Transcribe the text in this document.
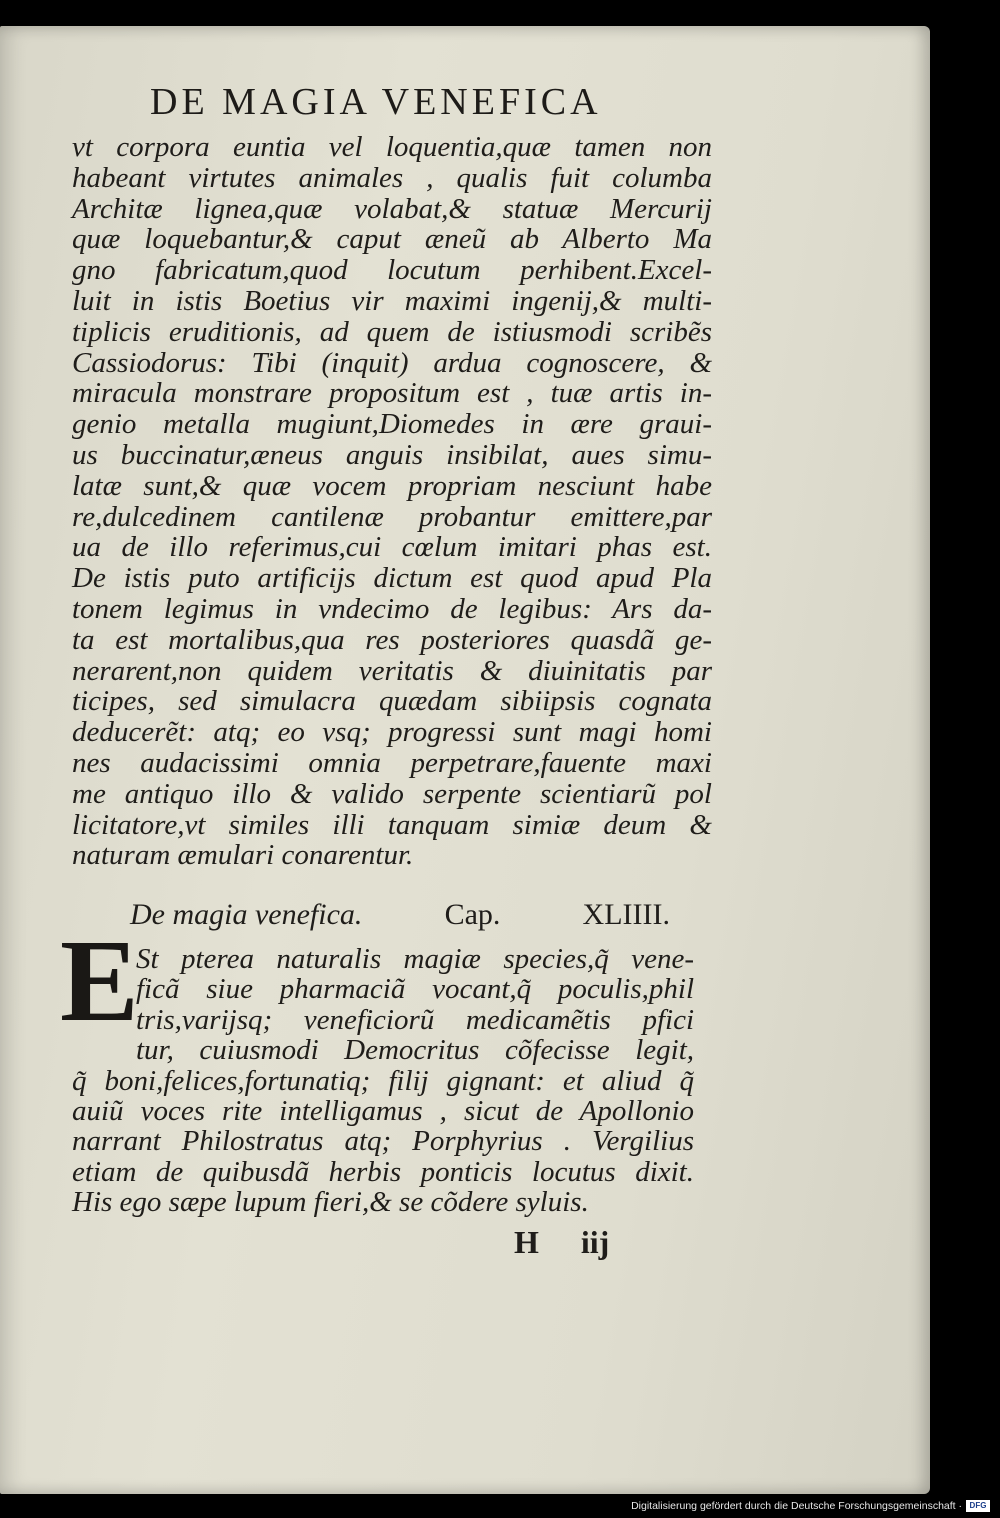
DE MAGIA VENEFICA
vt corpora euntia vel loquentia,quæ tamen non
habeant virtutes animales , qualis fuit columba
Architæ lignea,quæ volabat,& statuæ Mercurij
quæ loquebantur,& caput æneũ ab Alberto Ma
gno fabricatum,quod locutum perhibent.Excel-
luit in istis Boetius vir maximi ingenij,& multi-
tiplicis eruditionis, ad quem de istiusmodi scribẽs
Cassiodorus: Tibi (inquit) ardua cognoscere, &
miracula monstrare propositum est , tuæ artis in-
genio metalla mugiunt,Diomedes in ære graui-
us buccinatur,æneus anguis insibilat, aues simu-
latæ sunt,& quæ vocem propriam nesciunt habe
re,dulcedinem cantilenæ probantur emittere,par
ua de illo referimus,cui cœlum imitari phas est.
De istis puto artificijs dictum est quod apud Pla
tonem legimus in vndecimo de legibus: Ars da-
ta est mortalibus,qua res posteriores quasdã ge-
nerarent,non quidem veritatis & diuinitatis par
ticipes, sed simulacra quædam sibiipsis cognata
deducerẽt: atq; eo vsq; progressi sunt magi homi
nes audacissimi omnia perpetrare,fauente maxi
me antiquo illo & valido serpente scientiarũ pol
licitatore,vt similes illi tanquam simiæ deum &
naturam æmulari conarentur.
De magia venefica.	Cap.	XLIIII.
E
St pterea naturalis magiæ species,q̃ vene-
ficã siue pharmaciã vocant,q̃ poculis,phil
tris,varijsq; veneficiorũ medicamẽtis pfici
tur, cuiusmodi Democritus cõfecisse legit,
q̃ boni,felices,fortunatiq; filij gignant: et aliud q̃
auiũ voces rite intelligamus , sicut de Apollonio
narrant Philostratus atq; Porphyrius . Vergilius
etiam de quibusdã herbis ponticis locutus dixit.
His ego sæpe lupum fieri,& se cõdere syluis.
H iij
Digitalisierung gefördert durch die Deutsche Forschungsgemeinschaft · DFG
